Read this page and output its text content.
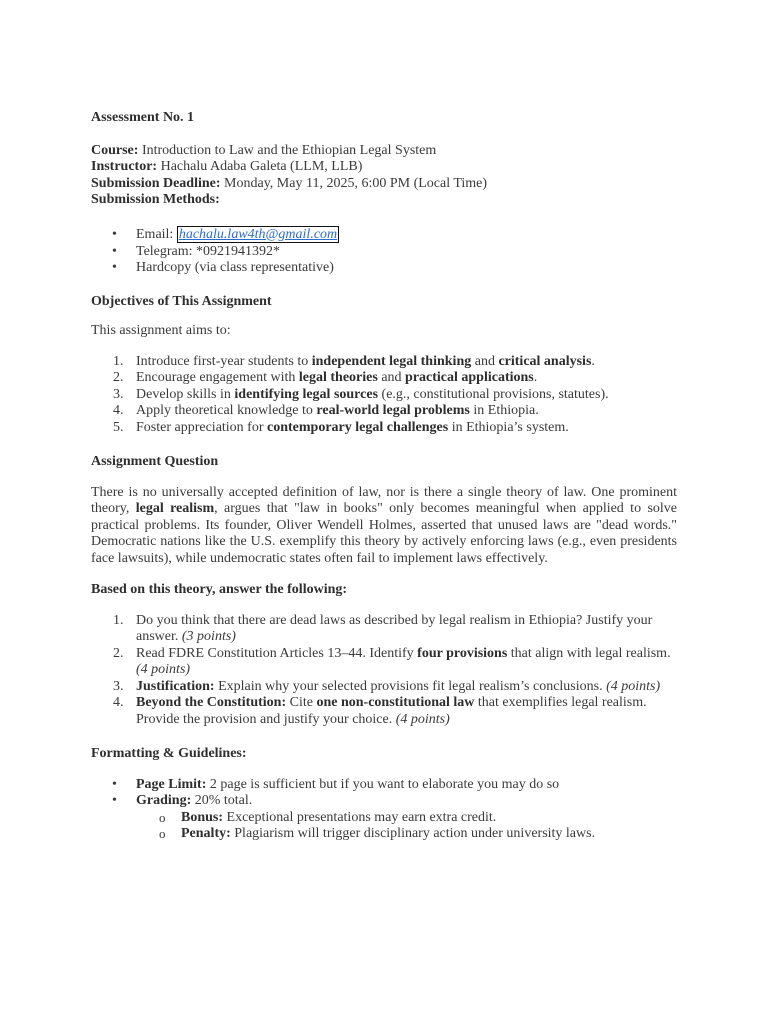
Assessment No. 1

Course: Introduction to Law and the Ethiopian Legal System

Instructor: Hachalu Adaba Galeta (LLM, LLB)

Submission Deadline: Monday, May 11, 2025, 6:00 PM (Local Time)

Submission Methods:

• Email: hachalu.law4th@gmail.com
• Telegram: *0921941392*
• Hardcopy (via class representative)

Objectives of This Assignment

This assignment aims to:

1. Introduce first-year students to independent legal thinking and critical analysis.
2. Encourage engagement with legal theories and practical applications.
3. Develop skills in identifying legal sources (e.g., constitutional provisions, statutes).
4. Apply theoretical knowledge to real-world legal problems in Ethiopia.
5. Foster appreciation for contemporary legal challenges in Ethiopia’s system.

Assignment Question

There is no universally accepted definition of law, nor is there a single theory of law. One prominent theory, legal realism, argues that "law in books" only becomes meaningful when applied to solve practical problems. Its founder, Oliver Wendell Holmes, asserted that unused laws are "dead words." Democratic nations like the U.S. exemplify this theory by actively enforcing laws (e.g., even presidents face lawsuits), while undemocratic states often fail to implement laws effectively.

Based on this theory, answer the following:

1. Do you think that there are dead laws as described by legal realism in Ethiopia? Justify your answer. (3 points)
2. Read FDRE Constitution Articles 13–44. Identify four provisions that align with legal realism. (4 points)
3. Justification: Explain why your selected provisions fit legal realism’s conclusions. (4 points)
4. Beyond the Constitution: Cite one non-constitutional law that exemplifies legal realism. Provide the provision and justify your choice. (4 points)

Formatting & Guidelines:

• Page Limit: 2 page is sufficient but if you want to elaborate you may do so
• Grading: 20% total.
o Bonus: Exceptional presentations may earn extra credit.
o Penalty: Plagiarism will trigger disciplinary action under university laws.
